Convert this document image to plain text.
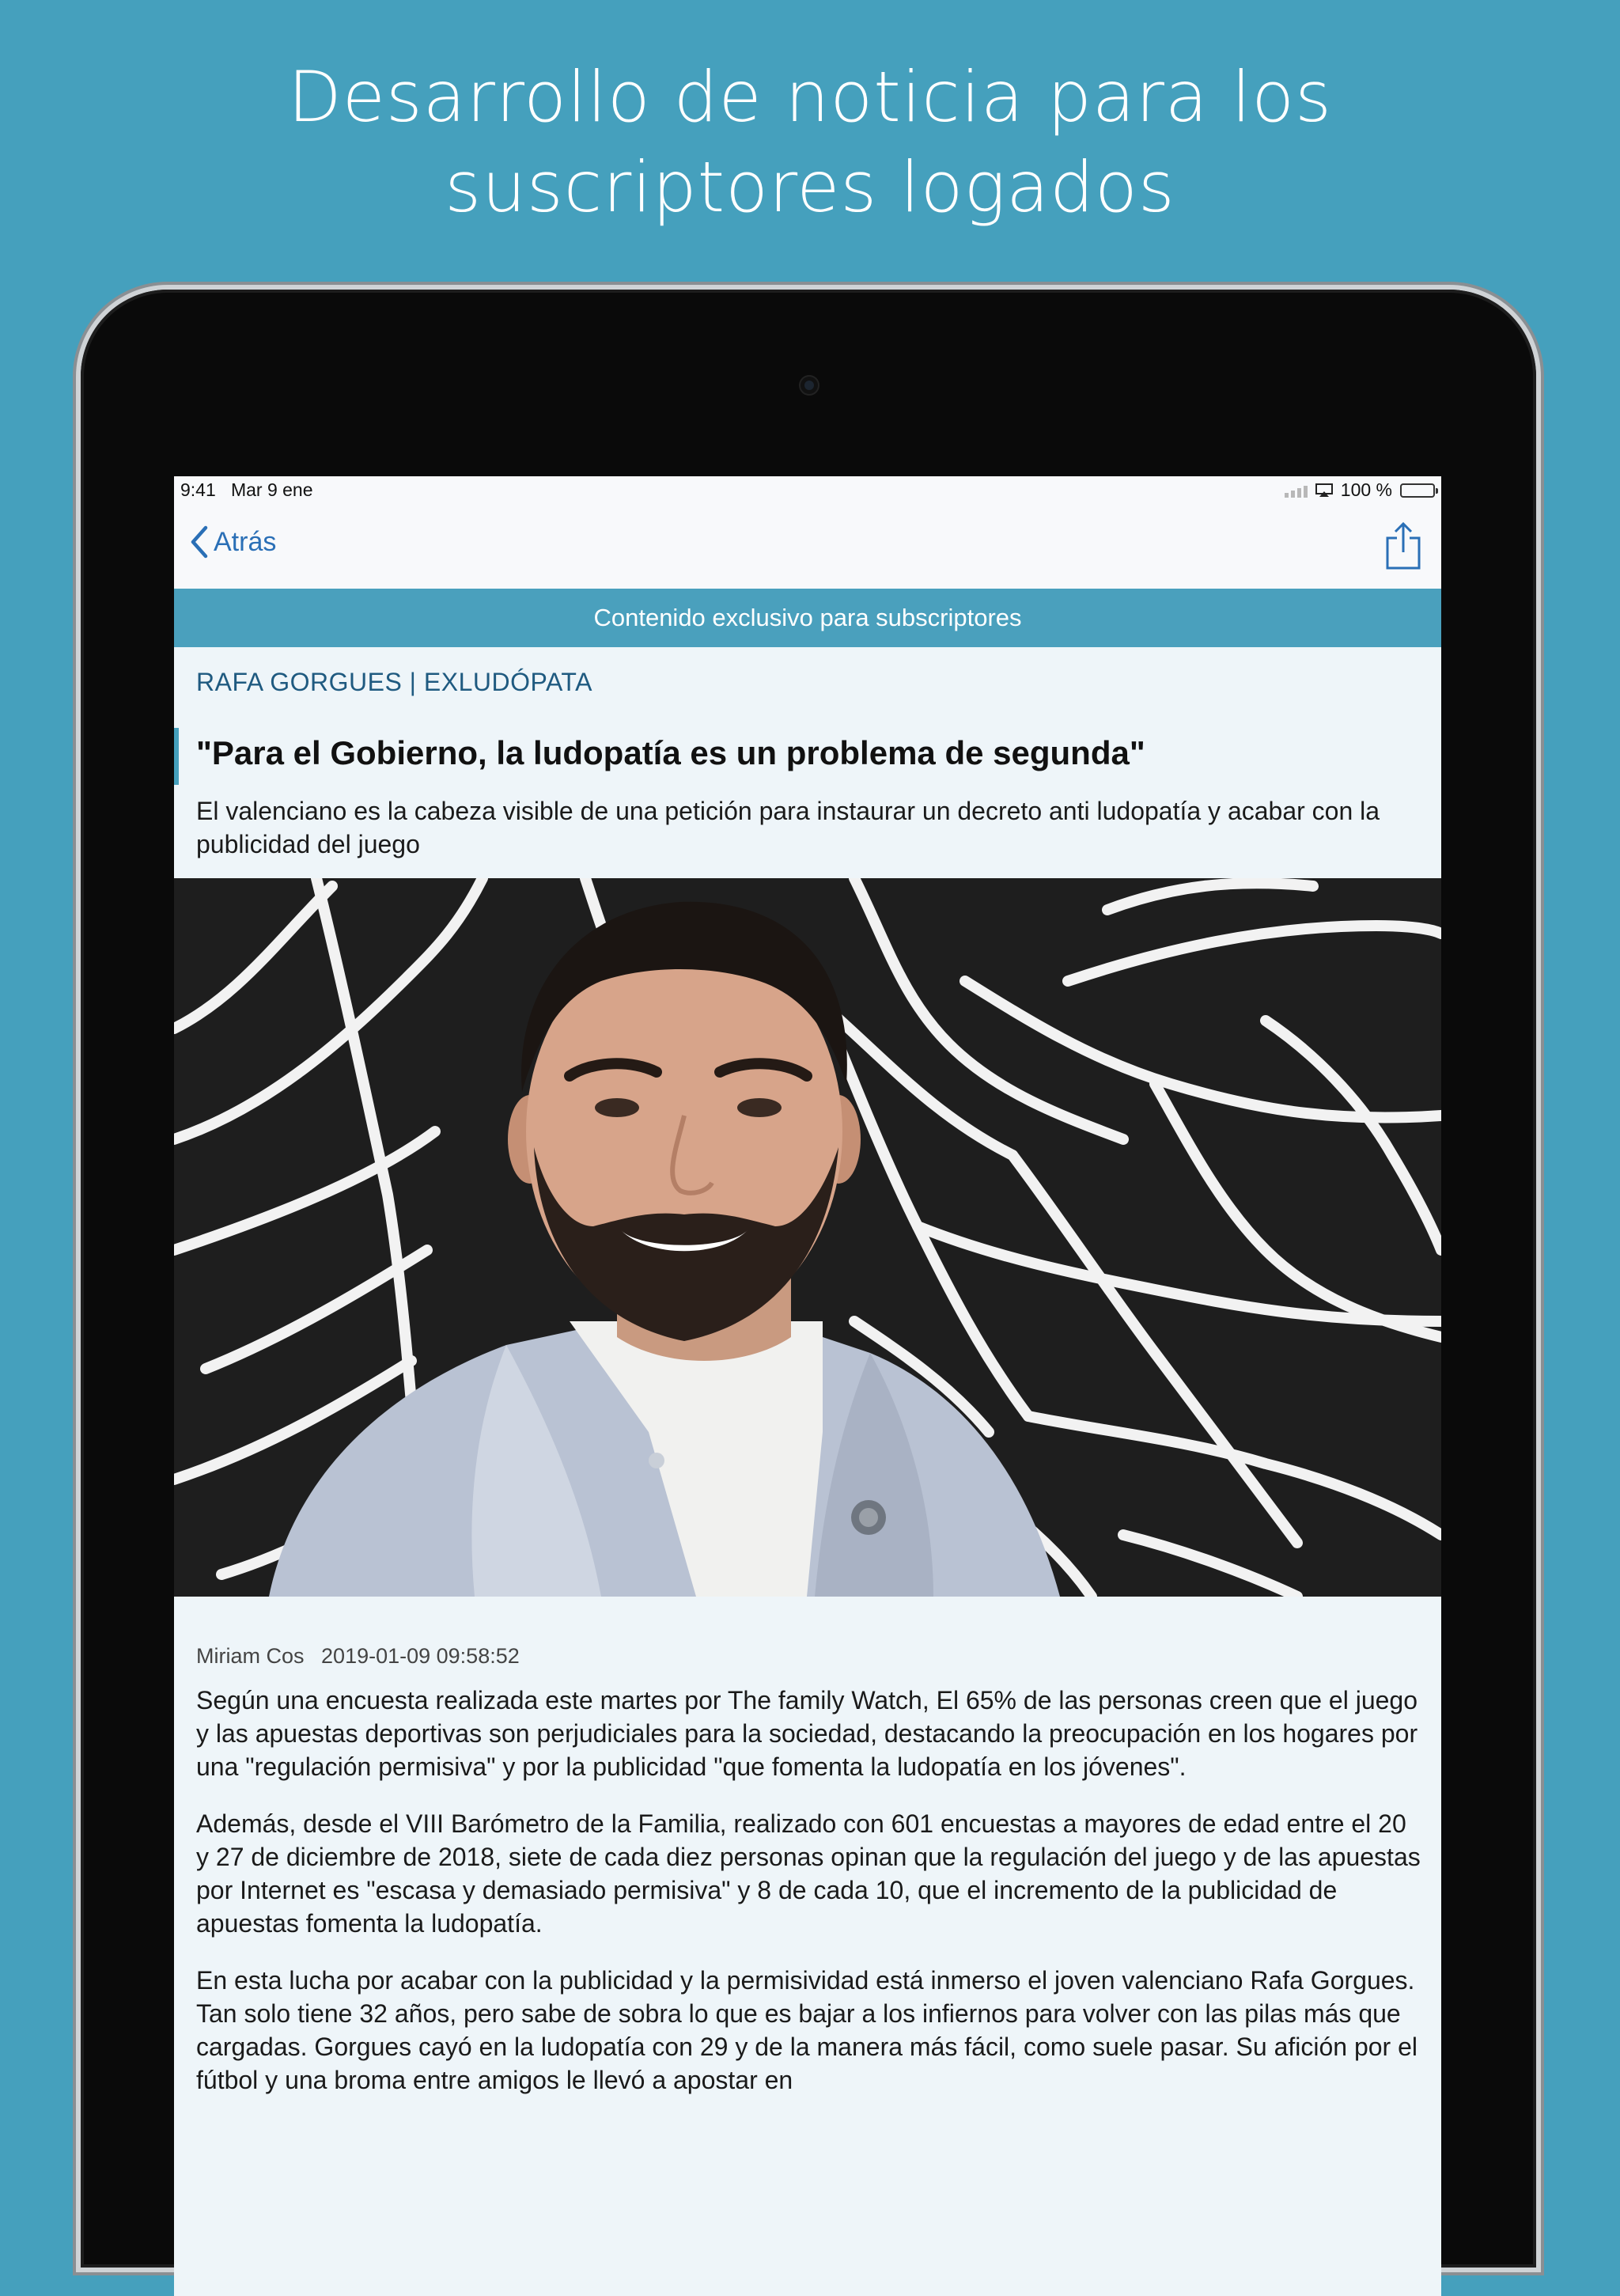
Desarrollo de noticia para los
suscriptores logados
9:41 Mar 9 ene	100 %
Atrás
Contenido exclusivo para subscriptores
RAFA GORGUES | EXLUDÓPATA
"Para el Gobierno, la ludopatía es un problema de segunda"

El valenciano es la cabeza visible de una petición para instaurar un decreto anti ludopatía y acabar con la publicidad del juego

Miriam Cos 2019-01-09 09:58:52

Según una encuesta realizada este martes por The family Watch, El 65% de las personas creen que el juego y las apuestas deportivas son perjudiciales para la sociedad, destacando la preocupación en los hogares por una "regulación permisiva" y por la publicidad "que fomenta la ludopatía en los jóvenes".

Además, desde el VIII Barómetro de la Familia, realizado con 601 encuestas a mayores de edad entre el 20 y 27 de diciembre de 2018, siete de cada diez personas opinan que la regulación del juego y de las apuestas por Internet es "escasa y demasiado permisiva" y 8 de cada 10, que el incremento de la publicidad de apuestas fomenta la ludopatía.

En esta lucha por acabar con la publicidad y la permisividad está inmerso el joven valenciano Rafa Gorgues. Tan solo tiene 32 años, pero sabe de sobra lo que es bajar a los infiernos para volver con las pilas más que cargadas. Gorgues cayó en la ludopatía con 29 y de la manera más fácil, como suele pasar. Su afición por el fútbol y una broma entre amigos le llevó a apostar en
